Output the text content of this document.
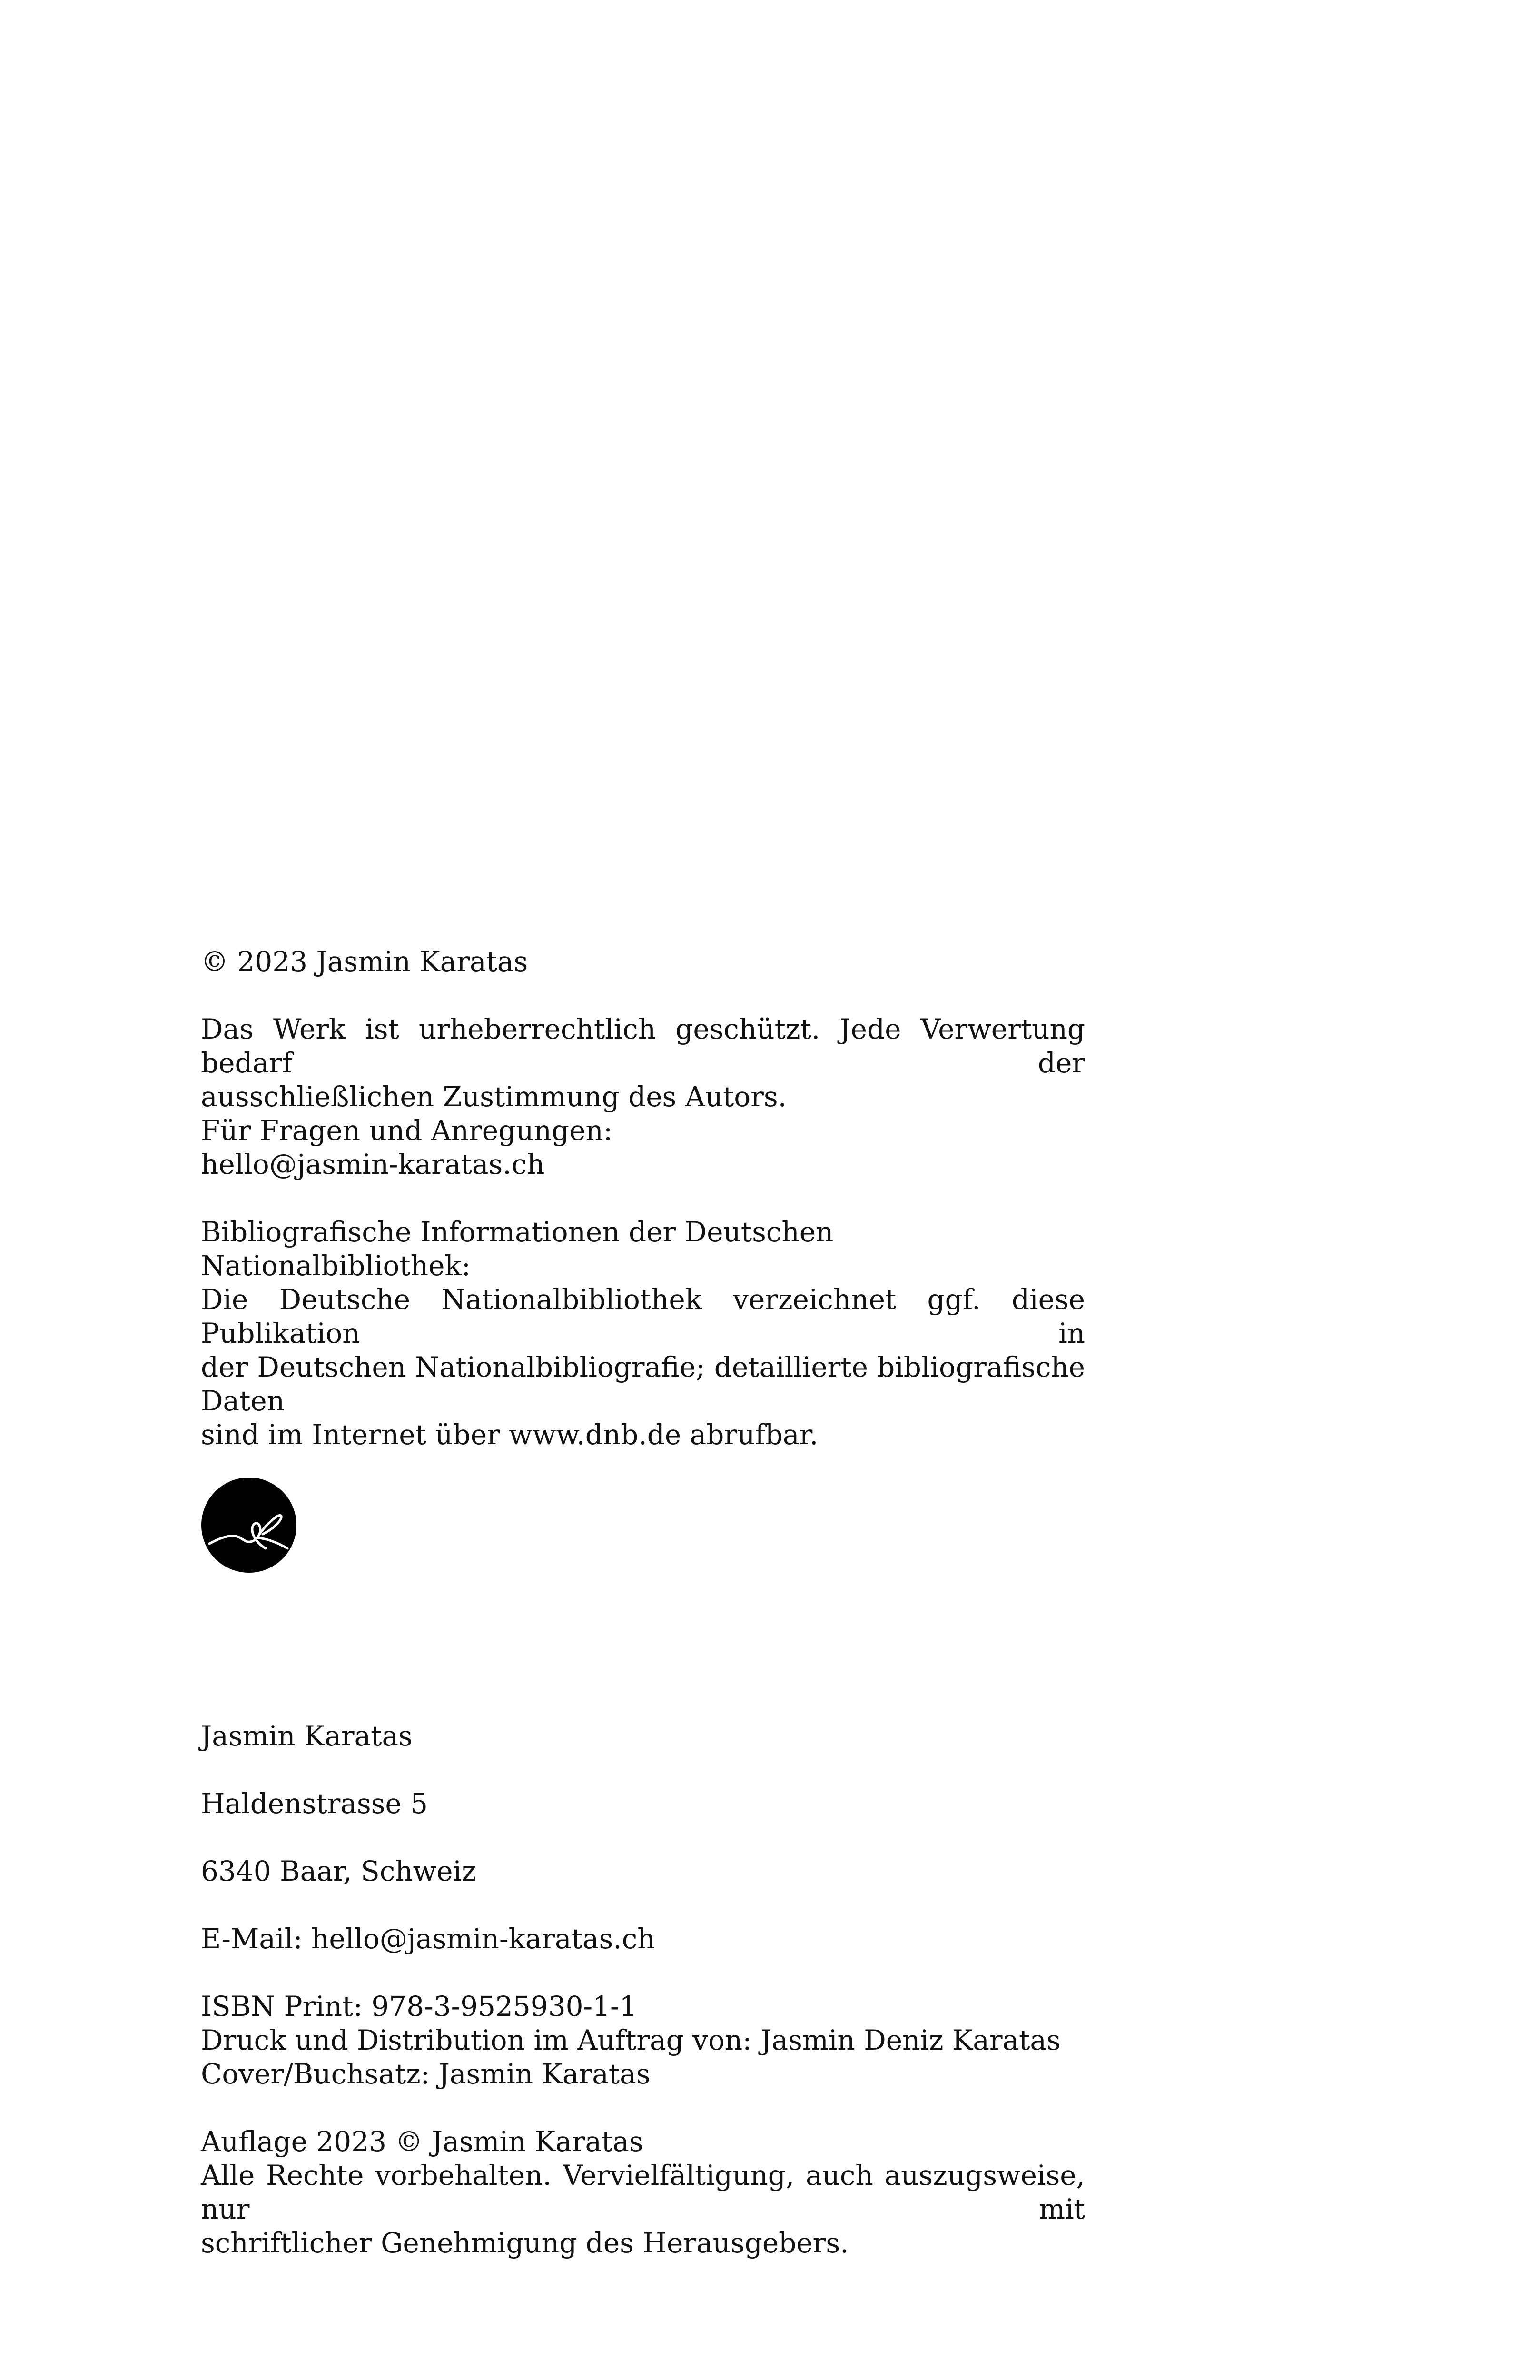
© 2023 Jasmin Karatas

Das Werk ist urheberrechtlich geschützt. Jede Verwertung bedarf der
ausschließlichen Zustimmung des Autors.
Für Fragen und Anregungen:
hello@jasmin-karatas.ch
Bibliografische Informationen der Deutschen Nationalbibliothek:
Die Deutsche Nationalbibliothek verzeichnet ggf. diese Publikation in
der Deutschen Nationalbibliografie; detaillierte bibliografische Daten
sind im Internet über www.dnb.de abrufbar.

Jasmin Karatas

Haldenstrasse 5

6340 Baar, Schweiz

E-Mail: hello@jasmin-karatas.ch

ISBN Print: 978-3-9525930-1-1
Druck und Distribution im Auftrag von: Jasmin Deniz Karatas
Cover/Buchsatz: Jasmin Karatas
Auflage 2023 © Jasmin Karatas
Alle Rechte vorbehalten. Vervielfältigung, auch auszugsweise, nur mit
schriftlicher Genehmigung des Herausgebers.
